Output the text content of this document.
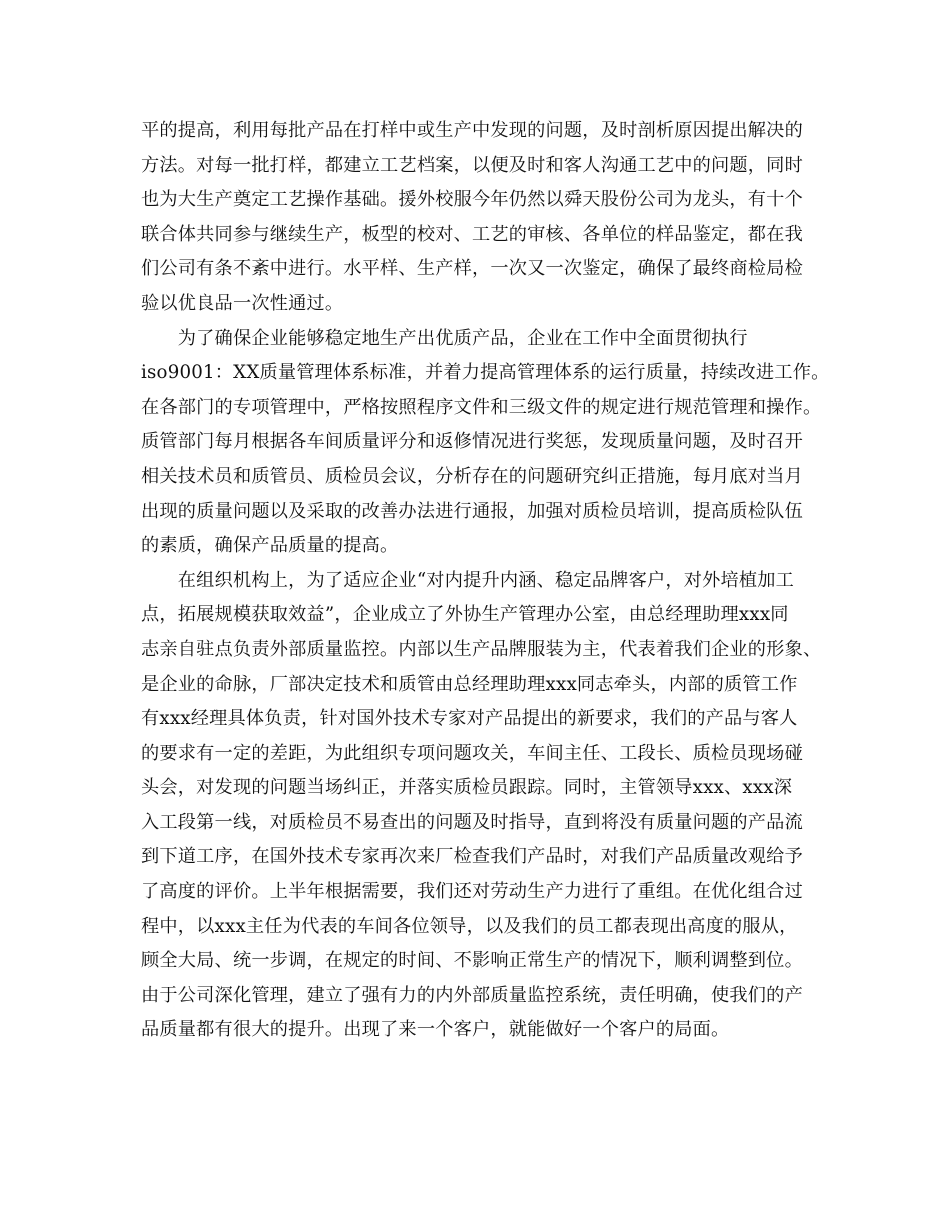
平的提高，利用每批产品在打样中或生产中发现的问题，及时剖析原因提出解决的
方法。对每一批打样，都建立工艺档案，以便及时和客人沟通工艺中的问题，同时
也为大生产奠定工艺操作基础。援外校服今年仍然以舜天股份公司为龙头，有十个
联合体共同参与继续生产，板型的校对、工艺的审核、各单位的样品鉴定，都在我
们公司有条不紊中进行。水平样、生产样，一次又一次鉴定，确保了最终商检局检
验以优良品一次性通过。
　　为了确保企业能够稳定地生产出优质产品，企业在工作中全面贯彻执行
iso9001：XX质量管理体系标准，并着力提高管理体系的运行质量，持续改进工作。
在各部门的专项管理中，严格按照程序文件和三级文件的规定进行规范管理和操作。
质管部门每月根据各车间质量评分和返修情况进行奖惩，发现质量问题，及时召开
相关技术员和质管员、质检员会议，分析存在的问题研究纠正措施，每月底对当月
出现的质量问题以及采取的改善办法进行通报，加强对质检员培训，提高质检队伍
的素质，确保产品质量的提高。
　　在组织机构上，为了适应企业“对内提升内涵、稳定品牌客户，对外培植加工
点，拓展规模获取效益”，企业成立了外协生产管理办公室，由总经理助理xxx同
志亲自驻点负责外部质量监控。内部以生产品牌服装为主，代表着我们企业的形象、
是企业的命脉，厂部决定技术和质管由总经理助理xxx同志牵头，内部的质管工作
有xxx经理具体负责，针对国外技术专家对产品提出的新要求，我们的产品与客人
的要求有一定的差距，为此组织专项问题攻关，车间主任、工段长、质检员现场碰
头会，对发现的问题当场纠正，并落实质检员跟踪。同时，主管领导xxx、xxx深
入工段第一线，对质检员不易查出的问题及时指导，直到将没有质量问题的产品流
到下道工序，在国外技术专家再次来厂检查我们产品时，对我们产品质量改观给予
了高度的评价。上半年根据需要，我们还对劳动生产力进行了重组。在优化组合过
程中，以xxx主任为代表的车间各位领导，以及我们的员工都表现出高度的服从，
顾全大局、统一步调，在规定的时间、不影响正常生产的情况下，顺利调整到位。
由于公司深化管理，建立了强有力的内外部质量监控系统，责任明确，使我们的产
品质量都有很大的提升。出现了来一个客户，就能做好一个客户的局面。
